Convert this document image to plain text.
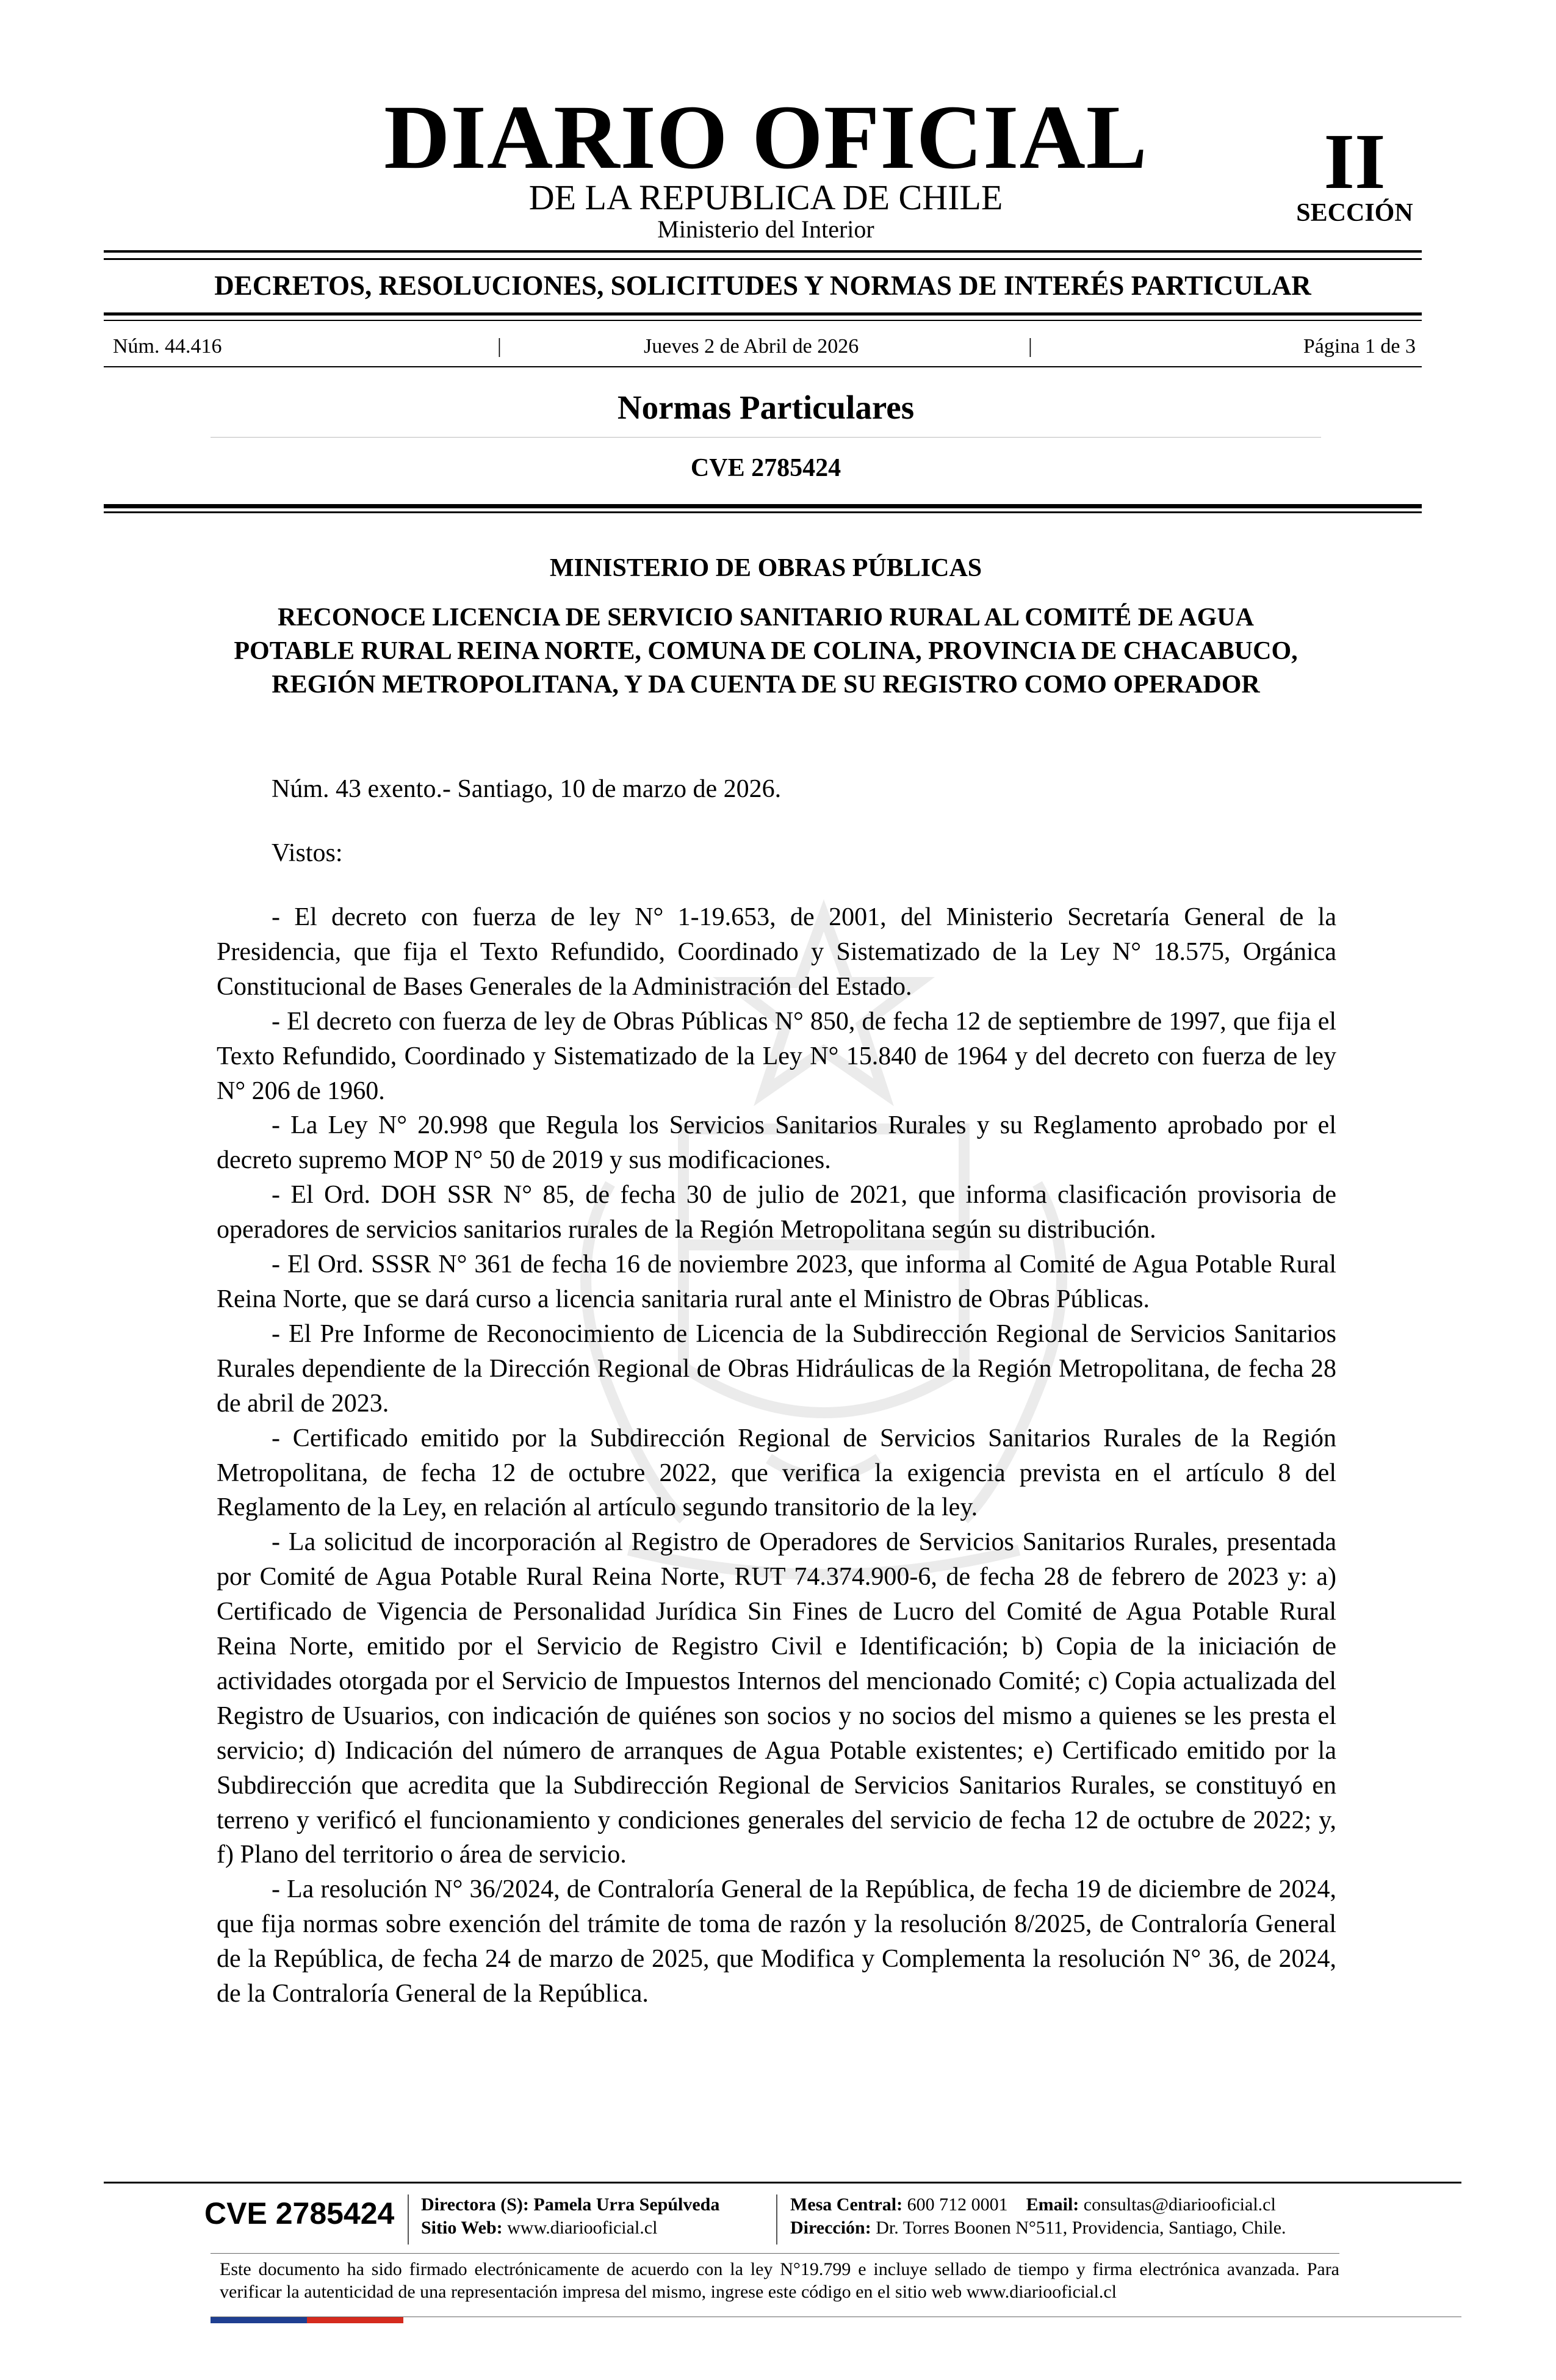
DIARIO OFICIAL
DE LA REPUBLICA DE CHILE
Ministerio del Interior
II
SECCIÓN
DECRETOS, RESOLUCIONES, SOLICITUDES Y NORMAS DE INTERÉS PARTICULAR
Núm. 44.416	|	Jueves 2 de Abril de 2026	|	Página 1 de 3
Normas Particulares
CVE 2785424
MINISTERIO DE OBRAS PÚBLICAS

RECONOCE LICENCIA DE SERVICIO SANITARIO RURAL AL COMITÉ DE AGUA POTABLE RURAL REINA NORTE, COMUNA DE COLINA, PROVINCIA DE CHACABUCO, REGIÓN METROPOLITANA, Y DA CUENTA DE SU REGISTRO COMO OPERADOR

Núm. 43 exento.- Santiago, 10 de marzo de 2026.
Vistos:

- El decreto con fuerza de ley N° 1-19.653, de 2001, del Ministerio Secretaría General de la Presidencia, que fija el Texto Refundido, Coordinado y Sistematizado de la Ley N° 18.575, Orgánica Constitucional de Bases Generales de la Administración del Estado.

- El decreto con fuerza de ley de Obras Públicas N° 850, de fecha 12 de septiembre de 1997, que fija el Texto Refundido, Coordinado y Sistematizado de la Ley N° 15.840 de 1964 y del decreto con fuerza de ley N° 206 de 1960.

- La Ley N° 20.998 que Regula los Servicios Sanitarios Rurales y su Reglamento aprobado por el decreto supremo MOP N° 50 de 2019 y sus modificaciones.

- El Ord. DOH SSR N° 85, de fecha 30 de julio de 2021, que informa clasificación provisoria de operadores de servicios sanitarios rurales de la Región Metropolitana según su distribución.

- El Ord. SSSR N° 361 de fecha 16 de noviembre 2023, que informa al Comité de Agua Potable Rural Reina Norte, que se dará curso a licencia sanitaria rural ante el Ministro de Obras Públicas.

- El Pre Informe de Reconocimiento de Licencia de la Subdirección Regional de Servicios Sanitarios Rurales dependiente de la Dirección Regional de Obras Hidráulicas de la Región Metropolitana, de fecha 28 de abril de 2023.

- Certificado emitido por la Subdirección Regional de Servicios Sanitarios Rurales de la Región Metropolitana, de fecha 12 de octubre 2022, que verifica la exigencia prevista en el artículo 8 del Reglamento de la Ley, en relación al artículo segundo transitorio de la ley.

- La solicitud de incorporación al Registro de Operadores de Servicios Sanitarios Rurales, presentada por Comité de Agua Potable Rural Reina Norte, RUT 74.374.900-6, de fecha 28 de febrero de 2023 y: a) Certificado de Vigencia de Personalidad Jurídica Sin Fines de Lucro del Comité de Agua Potable Rural Reina Norte, emitido por el Servicio de Registro Civil e Identificación; b) Copia de la iniciación de actividades otorgada por el Servicio de Impuestos Internos del mencionado Comité; c) Copia actualizada del Registro de Usuarios, con indicación de quiénes son socios y no socios del mismo a quienes se les presta el servicio; d) Indicación del número de arranques de Agua Potable existentes; e) Certificado emitido por la Subdirección que acredita que la Subdirección Regional de Servicios Sanitarios Rurales, se constituyó en terreno y verificó el funcionamiento y condiciones generales del servicio de fecha 12 de octubre de 2022; y, f) Plano del territorio o área de servicio.

- La resolución N° 36/2024, de Contraloría General de la República, de fecha 19 de diciembre de 2024, que fija normas sobre exención del trámite de toma de razón y la resolución 8/2025, de Contraloría General de la República, de fecha 24 de marzo de 2025, que Modifica y Complementa la resolución N° 36, de 2024, de la Contraloría General de la República.

CVE 2785424 Directora (S): Pamela Urra Sepúlveda
Sitio Web: www.diariooficial.cl
Mesa Central: 600 712 0001 Email: consultas@diariooficial.cl
Dirección: Dr. Torres Boonen N°511, Providencia, Santiago, Chile.

Este documento ha sido firmado electrónicamente de acuerdo con la ley N°19.799 e incluye sellado de tiempo y firma electrónica avanzada. Para verificar la autenticidad de una representación impresa del mismo, ingrese este código en el sitio web www.diariooficial.cl
